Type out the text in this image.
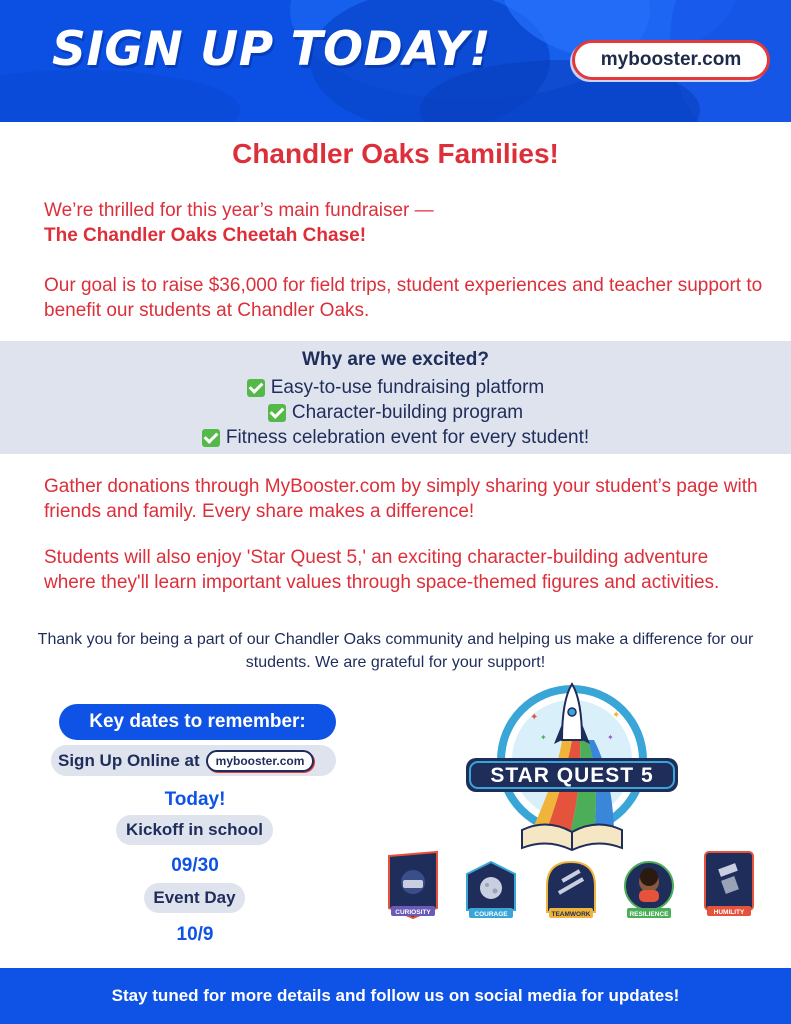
SIGN UP TODAY!	mybooster.com
Chandler Oaks Families!
We’re thrilled for this year’s main fundraiser —
The Chandler Oaks Cheetah Chase!
Our goal is to raise $36,000 for field trips, student experiences and teacher support to benefit our students at Chandler Oaks.
Why are we excited?
Easy-to-use fundraising platform
Character-building program
Fitness celebration event for every student!
Gather donations through MyBooster.com by simply sharing your student’s page with friends and family. Every share makes a difference!
Students will also enjoy 'Star Quest 5,' an exciting character-building adventure where they'll learn important values through space-themed figures and activities.
Thank you for being a part of our Chandler Oaks community and helping us make a difference for our students. We are grateful for your support!
Key dates to remember:
Sign Up Online at	mybooster.com
Today!
Kickoff in school
09/30
Event Day
10/9
✦	✦
✦	✦
STAR QUEST 5
CURIOSITY	COURAGE	TEAMWORK	RESILIENCE	HUMILITY
Stay tuned for more details and follow us on social media for updates!
